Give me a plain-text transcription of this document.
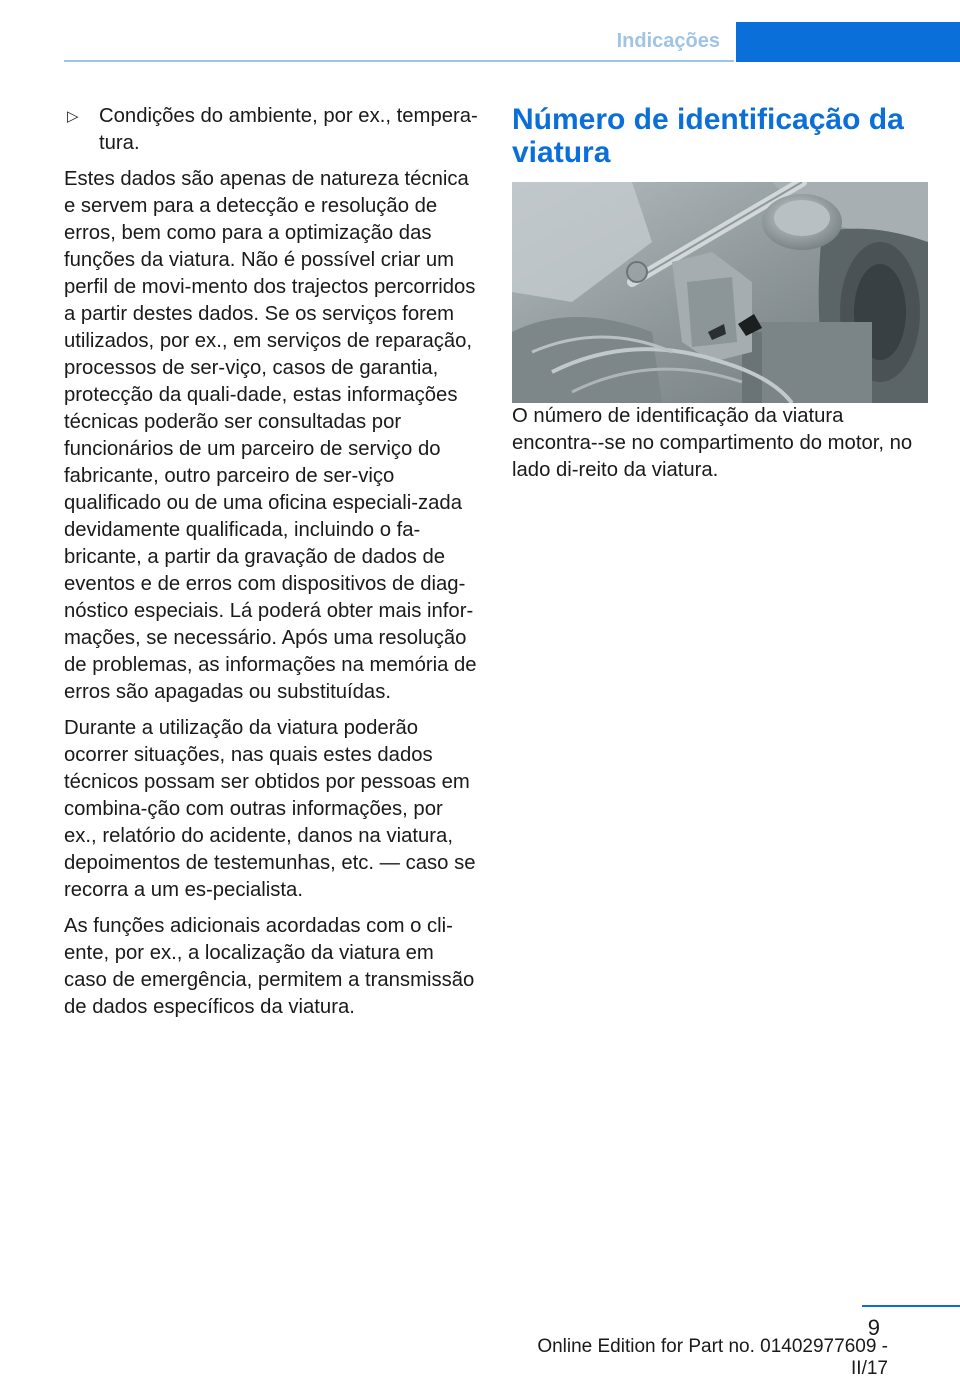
Indicações
▷ Condições do ambiente, por ex., tempera-tura.

Estes dados são apenas de natureza técnica e servem para a detecção e resolução de erros, bem como para a optimização das funções da viatura. Não é possível criar um perfil de movi-mento dos trajectos percorridos a partir destes dados. Se os serviços forem utilizados, por ex., em serviços de reparação, processos de ser-viço, casos de garantia, protecção da quali-dade, estas informações técnicas poderão ser consultadas por funcionários de um parceiro de serviço do fabricante, outro parceiro de ser-viço qualificado ou de uma oficina especiali-zada devidamente qualificada, incluindo o fa-bricante, a partir da gravação de dados de eventos e de erros com dispositivos de diag-nóstico especiais. Lá poderá obter mais infor-mações, se necessário. Após uma resolução de problemas, as informações na memória de erros são apagadas ou substituídas.

Durante a utilização da viatura poderão ocorrer situações, nas quais estes dados técnicos possam ser obtidos por pessoas em combina-ção com outras informações, por ex., relatório do acidente, danos na viatura, depoimentos de testemunhas, etc. — caso se recorra a um es-pecialista.

As funções adicionais acordadas com o cli-ente, por ex., a localização da viatura em caso de emergência, permitem a transmissão de dados específicos da viatura.

Número de identificação da viatura

O número de identificação da viatura encontra--se no compartimento do motor, no lado di-reito da viatura.

9
Online Edition for Part no. 01402977609 - II/17
